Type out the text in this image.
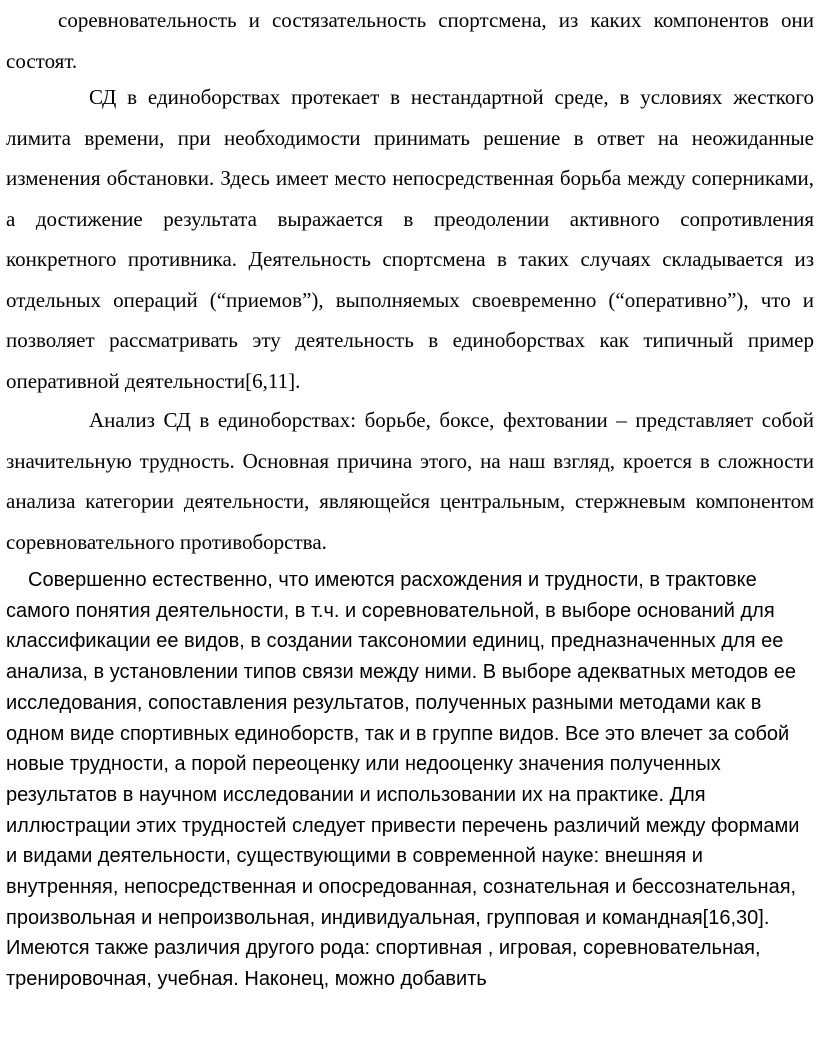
соревновательность и состязательность спортсмена, из каких компонентов они состоят.

СД в единоборствах протекает в нестандартной среде, в условиях жесткого лимита времени, при необходимости принимать решение в ответ на неожиданные изменения обстановки. Здесь имеет место непосредственная борьба между соперниками, а достижение результата выражается в преодолении активного сопротивления конкретного противника. Деятельность спортсмена в таких случаях складывается из отдельных операций (“приемов”), выполняемых своевременно (“оперативно”), что и позволяет рассматривать эту деятельность в единоборствах как типичный пример оперативной деятельности[6,11].

Анализ СД в единоборствах: борьбе, боксе, фехтовании – представляет собой значительную трудность. Основная причина этого, на наш взгляд, кроется в сложности анализа категории деятельности, являющейся центральным, стержневым компонентом соревновательного противоборства.

Совершенно естественно, что имеются расхождения и трудности, в трактовке самого понятия деятельности, в т.ч. и соревновательной, в выборе оснований для классификации ее видов, в создании таксономии единиц, предназначенных для ее анализа, в установлении типов связи между ними. В выборе адекватных методов ее исследования, сопоставления результатов, полученных разными методами как в одном виде спортивных единоборств, так и в группе видов. Все это влечет за собой новые трудности, а порой переоценку или недооценку значения полученных результатов в научном исследовании и использовании их на практике. Для иллюстрации этих трудностей следует привести перечень различий между формами и видами деятельности, существующими в современной науке: внешняя и внутренняя, непосредственная и опосредованная, сознательная и бессознательная, произвольная и непроизвольная, индивидуальная, групповая и командная[16,30]. Имеются также различия другого рода: спортивная , игровая, соревновательная, тренировочная, учебная. Наконец, можно добавить
